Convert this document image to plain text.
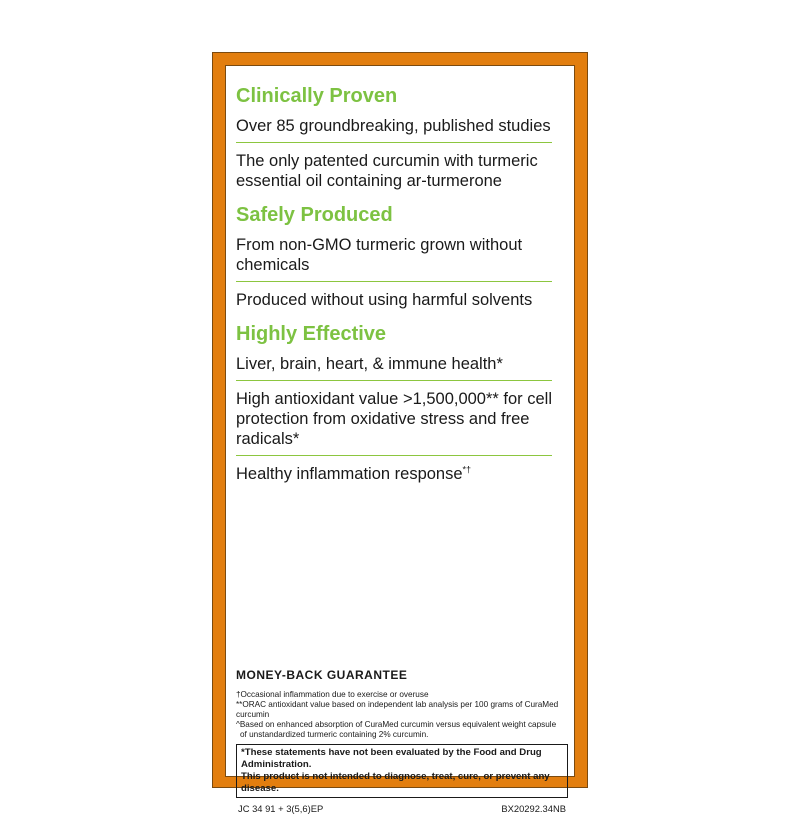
Clinically Proven
Over 85 groundbreaking, published studies
The only patented curcumin with turmeric essential oil containing ar-turmerone
Safely Produced
From non-GMO turmeric grown without chemicals
Produced without using harmful solvents
Highly Effective
Liver, brain, heart, & immune health*
High antioxidant value >1,500,000** for cell protection from oxidative stress and free radicals*
Healthy inflammation response*†
MONEY-BACK GUARANTEE
†Occasional inflammation due to exercise or overuse
**ORAC antioxidant value based on independent lab analysis per 100 grams of CuraMed curcumin
^Based on enhanced absorption of CuraMed curcumin versus equivalent weight capsule
of unstandardized turmeric containing 2% curcumin.
*These statements have not been evaluated by the Food and Drug Administration.
This product is not intended to diagnose, treat, cure, or prevent any disease.
JC 34 91 + 3(5,6)EP	BX20292.34NB
